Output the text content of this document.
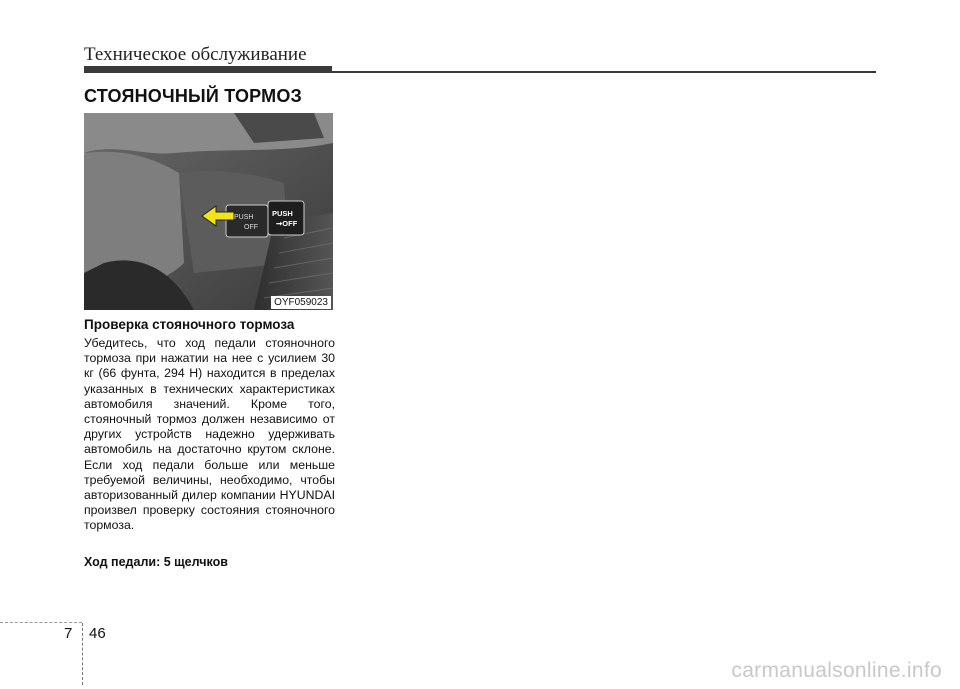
Техническое обслуживание
СТОЯНОЧНЫЙ ТОРМОЗ
PUSH
OFF
PUSH
➞OFF
OYF059023
Проверка стояночного тормоза

Убедитесь, что ход педали стояночного тормоза при нажатии на нее с усилием 30 кг (66 фунта, 294 Н) находится в пределах указанных в технических характеристиках автомобиля значений. Кроме того, стояночный тормоз должен независимо от других устройств надежно удерживать автомобиль на достаточно крутом склоне. Если ход педали больше или меньше требуемой величины, необходимо, чтобы авторизованный дилер компании HYUNDAI произвел проверку состояния стояночного тормоза.

Ход педали: 5 щелчков
7 46
carmanualsonline.info
